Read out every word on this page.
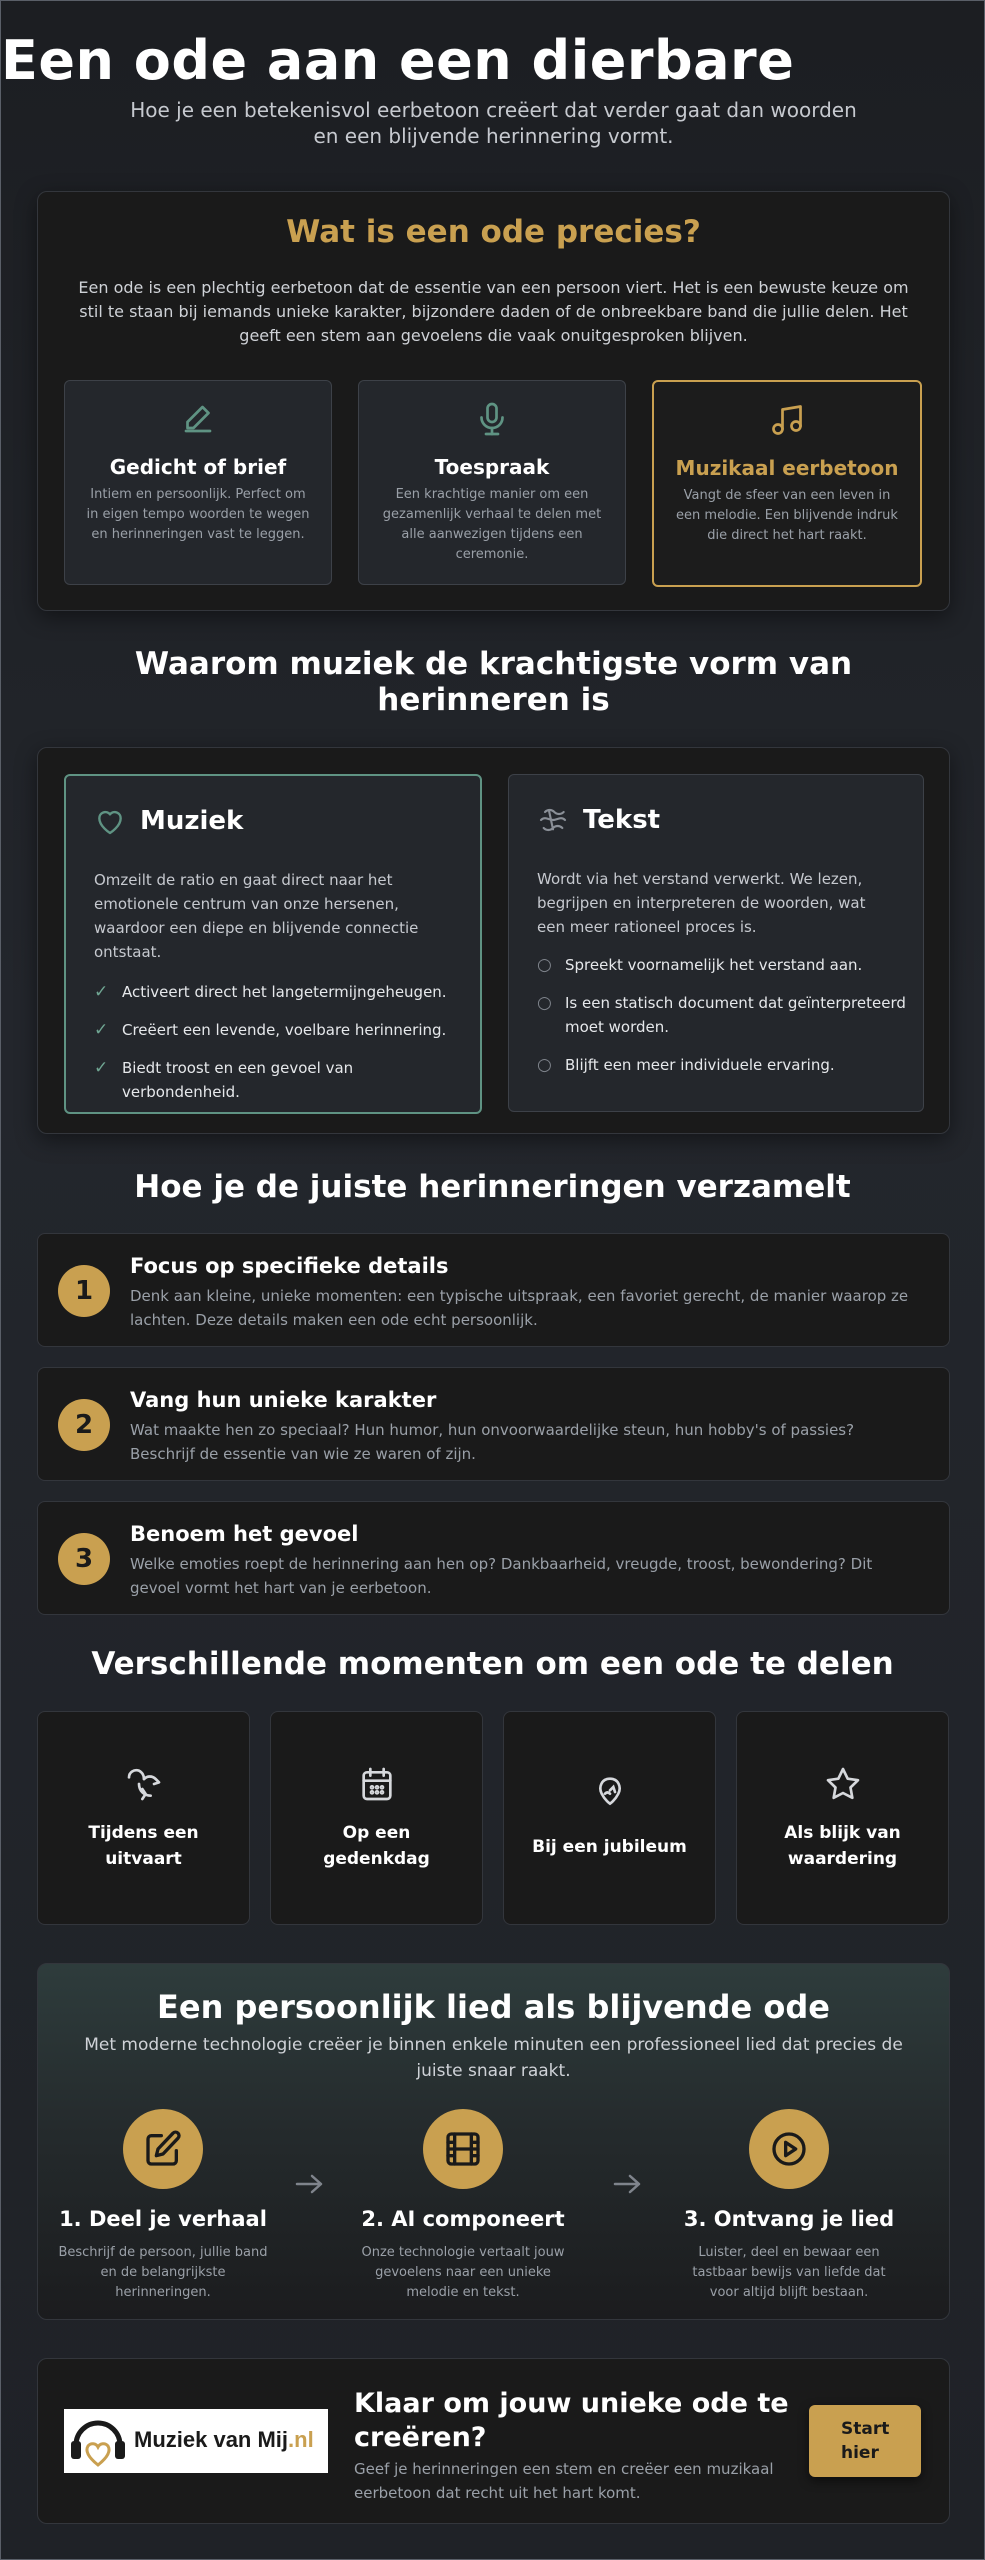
Een ode aan een dierbare
Hoe je een betekenisvol eerbetoon creëert dat verder gaat dan woorden en een blijvende herinnering vormt.
Wat is een ode precies?
Een ode is een plechtig eerbetoon dat de essentie van een persoon viert. Het is een bewuste keuze om stil te staan bij iemands unieke karakter, bijzondere daden of de onbreekbare band die jullie delen. Het geeft een stem aan gevoelens die vaak onuitgesproken blijven.
Gedicht of brief
Intiem en persoonlijk. Perfect om in eigen tempo woorden te wegen en herinneringen vast te leggen.
Toespraak
Een krachtige manier om een gezamenlijk verhaal te delen met alle aanwezigen tijdens een ceremonie.
Muzikaal eerbetoon
Vangt de sfeer van een leven in een melodie. Een blijvende indruk die direct het hart raakt.
Waarom muziek de krachtigste vorm van herinneren is
Muziek
Omzeilt de ratio en gaat direct naar het emotionele centrum van onze hersenen, waardoor een diepe en blijvende connectie ontstaat.
✓ Activeert direct het langetermijngeheugen.
✓ Creëert een levende, voelbare herinnering.
✓ Biedt troost en een gevoel van verbondenheid.
Tekst
Wordt via het verstand verwerkt. We lezen, begrijpen en interpreteren de woorden, wat een meer rationeel proces is.
○ Spreekt voornamelijk het verstand aan.
○ Is een statisch document dat geïnterpreteerd moet worden.
○ Blijft een meer individuele ervaring.
Hoe je de juiste herinneringen verzamelt
1
Focus op specifieke details
Denk aan kleine, unieke momenten: een typische uitspraak, een favoriet gerecht, de manier waarop ze lachten. Deze details maken een ode echt persoonlijk.
2
Vang hun unieke karakter
Wat maakte hen zo speciaal? Hun humor, hun onvoorwaardelijke steun, hun hobby's of passies? Beschrijf de essentie van wie ze waren of zijn.
3
Benoem het gevoel
Welke emoties roept de herinnering aan hen op? Dankbaarheid, vreugde, troost, bewondering? Dit gevoel vormt het hart van je eerbetoon.
Verschillende momenten om een ode te delen
Tijdens een uitvaart
Op een gedenkdag
Bij een jubileum
Als blijk van waardering
Een persoonlijk lied als blijvende ode
Met moderne technologie creëer je binnen enkele minuten een professioneel lied dat precies de juiste snaar raakt.
1. Deel je verhaal
Beschrijf de persoon, jullie band en de belangrijkste herinneringen.
2. AI componeert
Onze technologie vertaalt jouw gevoelens naar een unieke melodie en tekst.
3. Ontvang je lied
Luister, deel en bewaar een tastbaar bewijs van liefde dat voor altijd blijft bestaan.
Muziek van Mij.nl
Klaar om jouw unieke ode te creëren?
Geef je herinneringen een stem en creëer een muzikaal eerbetoon dat recht uit het hart komt.
Start hier
